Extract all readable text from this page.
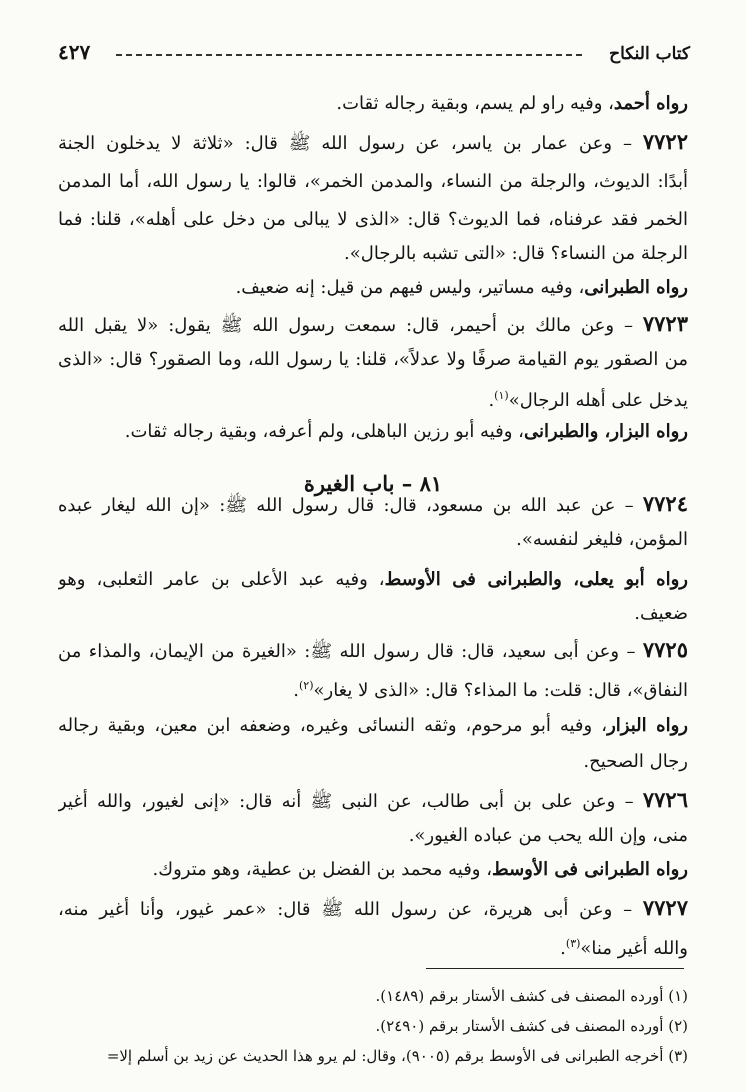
كتاب النكاح
٤٢٧
رواه أحمد، وفيه راو لم يسم، وبقية رجاله ثقات.
٧٧٢٢ – وعن عمار بن ياسر، عن رسول الله ﷺ قال: «ثلاثة لا يدخلون الجنة
أبدًا: الديوث، والرجلة من النساء، والمدمن الخمر»، قالوا: يا رسول الله، أما المدمن
الخمر فقد عرفناه، فما الديوث؟ قال: «الذى لا يبالى من دخل على أهله»، قلنا: فما
الرجلة من النساء؟ قال: «التى تشبه بالرجال».
رواه الطبرانى، وفيه مساتير، وليس فيهم من قيل: إنه ضعيف.
٧٧٢٣ – وعن مالك بن أحيمر، قال: سمعت رسول الله ﷺ يقول: «لا يقبل الله
من الصقور يوم القيامة صرفًا ولا عدلاً»، قلنا: يا رسول الله، وما الصقور؟ قال: «الذى
يدخل على أهله الرجال»$^{(١)}$.
رواه البزار، والطبرانى، وفيه أبو رزين الباهلى، ولم أعرفه، وبقية رجاله ثقات.
٧٧٢٤ – عن عبد الله بن مسعود، قال: قال رسول الله ﷺ: «إن الله ليغار عبده
المؤمن، فليغر لنفسه».
رواه أبو يعلى، والطبرانى فى الأوسط، وفيه عبد الأعلى بن عامر الثعلبى، وهو
ضعيف.
٧٧٢٥ – وعن أبى سعيد، قال: قال رسول الله ﷺ: «الغيرة من الإيمان، والمذاء من
النفاق»، قال: قلت: ما المذاء؟ قال: «الذى لا يغار»$^{(٢)}$.
رواه البزار، وفيه أبو مرحوم، وثقه النسائى وغيره، وضعفه ابن معين، وبقية رجاله
رجال الصحيح.
٧٧٢٦ – وعن على بن أبى طالب، عن النبى ﷺ أنه قال: «إنى لغيور، والله أغير
منى، وإن الله يحب من عباده الغيور».
رواه الطبرانى فى الأوسط، وفيه محمد بن الفضل بن عطية، وهو متروك.
٧٧٢٧ – وعن أبى هريرة، عن رسول الله ﷺ قال: «عمر غيور، وأنا أغير منه،
والله أغير منا»$^{(٣)}$.
٨١ – باب الغيرة
(١) أورده المصنف فى كشف الأستار برقم (١٤٨٩).
(٢) أورده المصنف فى كشف الأستار برقم (٢٤٩٠).
(٣) أخرجه الطبرانى فى الأوسط برقم (٩٠٠٥)، وقال: لم يرو هذا الحديث عن زيد بن أسلم إلا=
